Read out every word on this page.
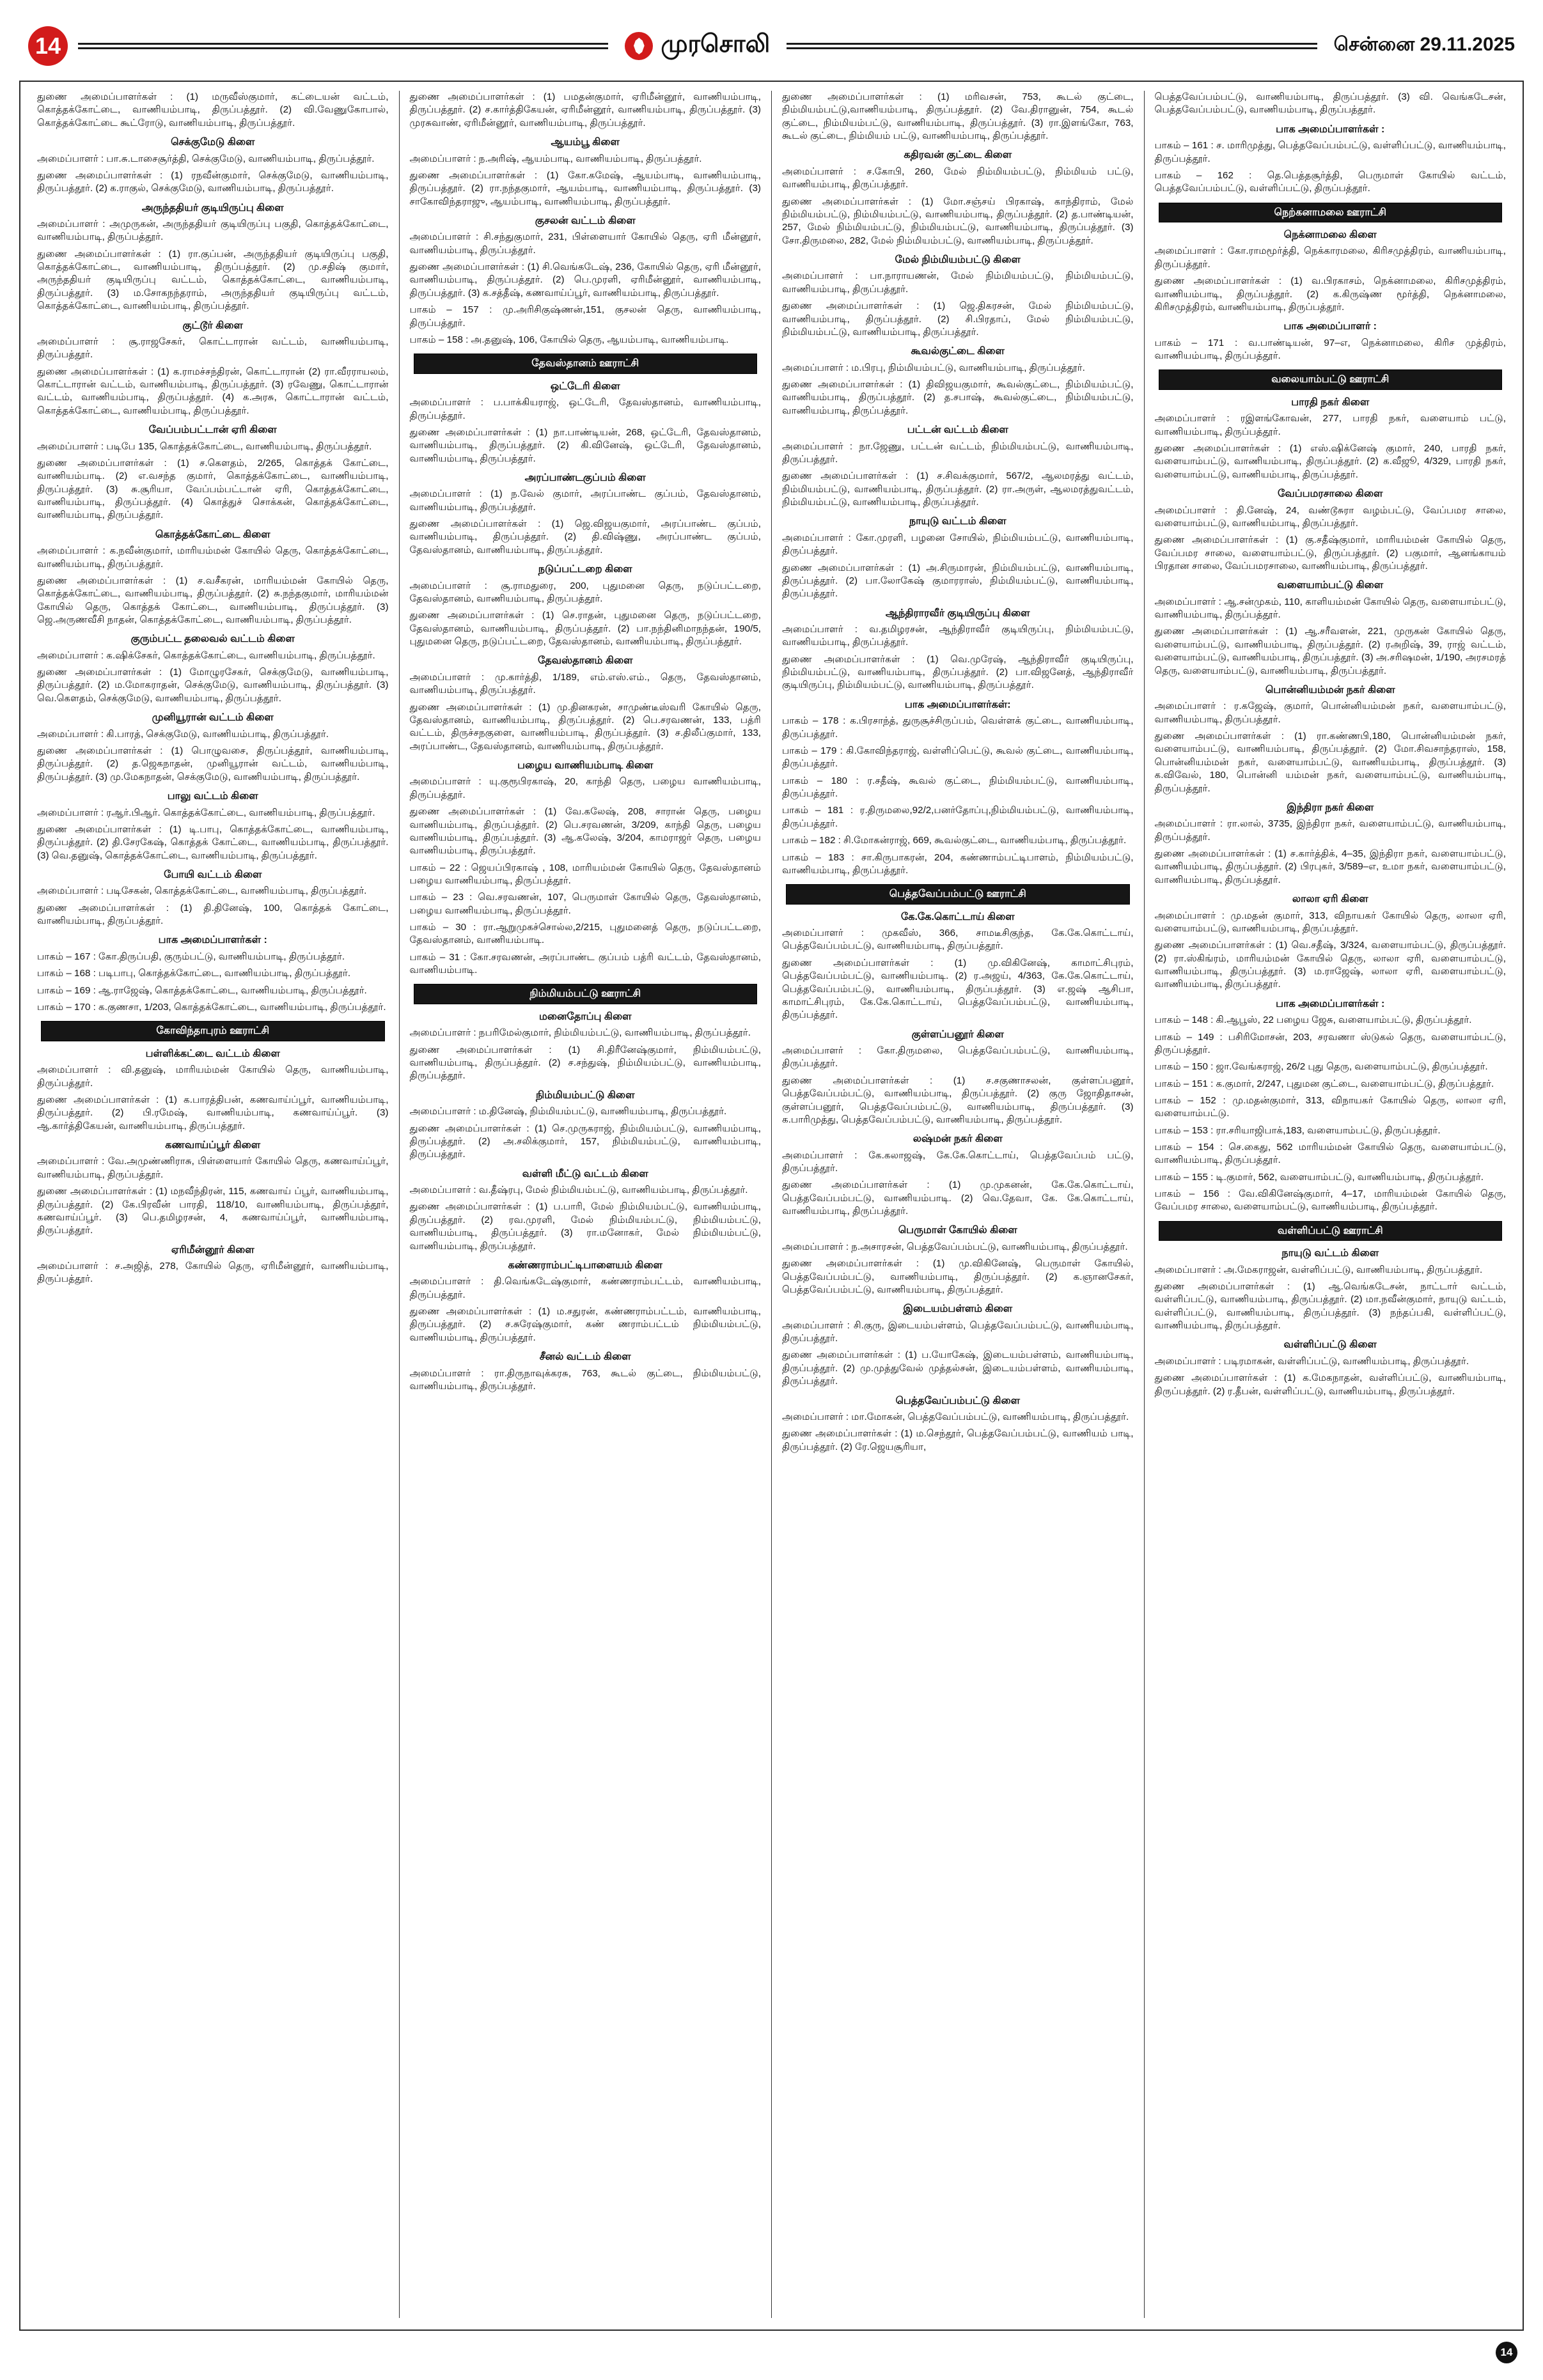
14	முரசொலி	சென்னை 29.11.2025
துணை அமைப்பாளர்கள் : (1) மருவீஸ்குமார், கட்டையன் வட்டம், கொத்தக்கோட்டை, வாணியம்பாடி, திருப்பத்தூர். (2) வி.வேணுகோபால், கொத்தக்கோட்டை கூட்ரோடு, வாணியம்பாடி, திருப்பத்தூர்.
செக்குமேடு கிளை
அமைப்பாளர் : பா.சு.டாசைசூர்த்தி, செக்குமேடு, வாணியம்பாடி, திருப்பத்தூர்.
துணை அமைப்பாளர்கள் : (1) ரநவீன்குமார், செக்குமேடு, வாணியம்பாடி, திருப்பத்தூர். (2) க.ராகுல், செக்குமேடு, வாணியம்பாடி, திருப்பத்தூர்.
அருந்ததியர் குடியிருப்பு கிளை
அமைப்பாளர் : அமுருகன், அருந்ததியர் குடியிருப்பு பகுதி, கொத்தக்கோட்டை, வாணியம்பாடி, திருப்பத்தூர்.
துணை அமைப்பாளர்கள் : (1) ரா.குப்பன், அருந்ததியர் குடியிருப்பு பகுதி, கொத்தக்கோட்டை, வாணியம்பாடி, திருப்பத்தூர். (2) மு.சதிஷ் குமார், அருந்ததியர் குடியிருப்பு வட்டம், கொத்தக்கோட்டை, வாணியம்பாடி, திருப்பத்தூர். (3) ம.சோகநந்தராம், அருந்ததியர் குடியிருப்பு வட்டம், கொத்தக்கோட்டை, வாணியம்பாடி, திருப்பத்தூர்.
குட்டூர் கிளை
அமைப்பாளர் : சூ.ராஜசேகர், கொட்டாரான் வட்டம், வாணியம்பாடி, திருப்பத்தூர்.
துணை அமைப்பாளர்கள் : (1) க.ராமச்சந்திரன், கொட்டாரான் (2) ரா.வீரராயலம், கொட்டாரான் வட்டம், வாணியம்பாடி, திருப்பத்தூர். (3) ரவேணு, கொட்டாரான் வட்டம், வாணியம்பாடி, திருப்பத்தூர். (4) க.அரசு, கொட்டாரான் வட்டம், கொத்தக்கோட்டை, வாணியம்பாடி, திருப்பத்தூர்.
வேப்பம்பட்டான் ஏரி கிளை
அமைப்பாளர் : படிபே 135, கொத்தக்கோட்டை, வாணியம்பாடி, திருப்பத்தூர்.
துணை அமைப்பாளர்கள் : (1) ச.கௌதம், 2/265, கொத்தக் கோட்டை, வாணியம்பாடி. (2) எ.வசந்த குமார், கொத்தக்கோட்டை, வாணியம்பாடி, திருப்பத்தூர். (3) சு.சூரியா, வேப்பம்பட்டான் ஏரி, கொத்தக்கோட்டை, வாணியம்பாடி, திருப்பத்தூர். (4) கொத்துச் சொக்கன், கொத்தக்கோட்டை, வாணியம்பாடி, திருப்பத்தூர்.
கொத்தக்கோட்டை கிளை
அமைப்பாளர் : க.நவீன்குமார், மாரியம்மன் கோயில் தெரு, கொத்தக்கோட்டை, வாணியம்பாடி, திருப்பத்தூர்.
துணை அமைப்பாளர்கள் : (1) ச.வசீகரன், மாரியம்மன் கோயில் தெரு, கொத்தக்கோட்டை, வாணியம்பாடி, திருப்பத்தூர். (2) சு.நந்தகுமார், மாரியம்மன் கோயில் தெரு, கொத்தக் கோட்டை, வாணியம்பாடி, திருப்பத்தூர். (3) ஜெ.அருணவீசி நாதன், கொத்தக்கோட்டை, வாணியம்பாடி, திருப்பத்தூர்.
குரும்பட்ட தலைவல் வட்டம் கிளை
அமைப்பாளர் : க.ஷிக்சேகர், கொத்தக்கோட்டை, வாணியம்பாடி, திருப்பத்தூர்.
துணை அமைப்பாளர்கள் : (1) மோழுரசேகர், செக்குமேடு, வாணியம்பாடி, திருப்பத்தூர். (2) ம.மோகராதன், செக்குமேடு, வாணியம்பாடி, திருப்பத்தூர். (3) வெ.கௌதம், செக்குமேடு, வாணியம்பாடி, திருப்பத்தூர்.
முனியூரான் வட்டம் கிளை
அமைப்பாளர் : கி.பாரத், செக்குமேடு, வாணியம்பாடி, திருப்பத்தூர்.
துணை அமைப்பாளர்கள் : (1) பொழுவசை, திருப்பத்தூர், வாணியம்பாடி, திருப்பத்தூர். (2) த.ஜெகநாதன், முனியூரான் வட்டம், வாணியம்பாடி, திருப்பத்தூர். (3) மு.மேகநாதன், செக்குமேடு, வாணியம்பாடி, திருப்பத்தூர்.
பாலு வட்டம் கிளை
அமைப்பாளர் : ரஆர்.பிஆர். கொத்தக்கோட்டை, வாணியம்பாடி, திருப்பத்தூர்.
துணை அமைப்பாளர்கள் : (1) டி.பாபு, கொத்தக்கோட்டை, வாணியம்பாடி, திருப்பத்தூர். (2) தி.சேரகேஷ், கொத்தக் கோட்டை, வாணியம்பாடி, திருப்பத்தூர். (3) வெ.தனுஷ், கொத்தக்கோட்டை, வாணியம்பாடி, திருப்பத்தூர்.
போயி வட்டம் கிளை
அமைப்பாளர் : படிசேகன், கொத்தக்கோட்டை, வாணியம்பாடி, திருப்பத்தூர்.
துணை அமைப்பாளர்கள் : (1) தி.தினேஷ், 100, கொத்தக் கோட்டை, வாணியம்பாடி, திருப்பத்தூர்.
பாக அமைப்பாளர்கள் :
பாகம் – 167 : கோ.திருப்பதி, குரும்பட்டு, வாணியம்பாடி, திருப்பத்தூர்.
பாகம் – 168 : படிபாபு, கொத்தக்கோட்டை, வாணியம்பாடி, திருப்பத்தூர்.
பாகம் – 169 : ஆ.ராஜேஷ், கொத்தக்கோட்டை, வாணியம்பாடி, திருப்பத்தூர்.
பாகம் – 170 : க.குணசா, 1/203, கொத்தக்கோட்டை, வாணியம்பாடி, திருப்பத்தூர்.
கோவிந்தாபுரம் ஊராட்சி
பள்ளிக்கட்டை வட்டம் கிளை
அமைப்பாளர் : வி.தனுஷ், மாரியம்மன் கோயில் தெரு, வாணியம்பாடி, திருப்பத்தூர்.
துணை அமைப்பாளர்கள் : (1) க.பாரத்திபன், கணவாய்ப்பூர், வாணியம்பாடி, திருப்பத்தூர். (2) பி.ரமேஷ், வாணியம்பாடி, கணவாய்ப்பூர். (3) ஆ.கார்த்திகேயன், வாணியம்பாடி, திருப்பத்தூர்.
கணவாய்ப்பூர் கிளை
அமைப்பாளர் : வே.அமுண்ணிராசு, பிள்ளையார் கோயில் தெரு, கணவாய்ப்பூர், வாணியம்பாடி, திருப்பத்தூர்.
துணை அமைப்பாளர்கள் : (1) மநவீந்திரன், 115, கணவாய் ப்பூர், வாணியம்பாடி, திருப்பத்தூர். (2) கே.பிரவீன் பாரதி, 118/10, வாணியம்பாடி, திருப்பத்தூர், கணவாய்ப்பூர். (3) பெ.தமிழரசன், 4, கணவாய்ப்பூர், வாணியம்பாடி, திருப்பத்தூர்.
ஏரிமீன்னூர் கிளை
அமைப்பாளர் : ச.அஜித், 278, கோயில் தெரு, ஏரிமீன்னூர், வாணியம்பாடி, திருப்பத்தூர்.
துணை அமைப்பாளர்கள் : (1) பமதன்குமார், ஏரிமீன்னூர், வாணியம்பாடி, திருப்பத்தூர். (2) ச.கார்த்திகேயன், ஏரிமீன்னூர், வாணியம்பாடி, திருப்பத்தூர். (3) முரசுவாண், ஏரிமீன்னூர், வாணியம்பாடி, திருப்பத்தூர்.
ஆயம்பூ கிளை
அமைப்பாளர் : ந.அரிஷ், ஆயம்பாடி, வாணியம்பாடி, திருப்பத்தூர்.
துணை அமைப்பாளர்கள் : (1) கோ.கமேஷ், ஆயம்பாடி, வாணியம்பாடி, திருப்பத்தூர். (2) ரா.நந்தகுமார், ஆயம்பாடி, வாணியம்பாடி, திருப்பத்தூர். (3) சாகோவிந்தராஜு, ஆயம்பாடி, வாணியம்பாடி, திருப்பத்தூர்.
குசலன் வட்டம் கிளை
அமைப்பாளர் : சி.சந்துகுமார், 231, பிள்ளையார் கோயில் தெரு, ஏரி மீன்னூர், வாணியம்பாடி, திருப்பத்தூர்.
துணை அமைப்பாளர்கள் : (1) சி.வெங்கடேஷ், 236, கோயில் தெரு, ஏரி மீன்னூர், வாணியம்பாடி, திருப்பத்தூர். (2) பெ.முரளி, ஏரிமீன்னூர், வாணியம்பாடி, திருப்பத்தூர். (3) க.சத்தீஷ், கணவாய்ப்பூர், வாணியம்பாடி, திருப்பத்தூர்.
பாகம் – 157 : மு.அரிசிகுஷ்ணன்,151, குசலன் தெரு, வாணியம்பாடி, திருப்பத்தூர்.
பாகம் – 158 : அ.தனுஷ், 106, கோயில் தெரு, ஆயம்பாடி, வாணியம்பாடி.
தேவஸ்தானம் ஊராட்சி
ஒட்டேரி கிளை
அமைப்பாளர் : ப.பாக்கியராஜ், ஒட்டேரி, தேவஸ்தானம், வாணியம்பாடி, திருப்பத்தூர்.
துணை அமைப்பாளர்கள் : (1) நா.பாண்டியன், 268, ஒட்டேரி, தேவஸ்தானம், வாணியம்பாடி, திருப்பத்தூர். (2) கி.வினேஷ், ஒட்டேரி, தேவஸ்தானம், வாணியம்பாடி, திருப்பத்தூர்.
அரப்பாண்டகுப்பம் கிளை
அமைப்பாளர் : (1) ந.வேல் குமார், அரப்பாண்ட குப்பம், தேவஸ்தானம், வாணியம்பாடி, திருப்பத்தூர்.
துணை அமைப்பாளர்கள் : (1) ஜெ.விஜயகுமார், அரப்பாண்ட குப்பம், வாணியம்பாடி, திருப்பத்தூர். (2) தி.விஷ்ணு, அரப்பாண்ட குப்பம், தேவஸ்தானம், வாணியம்பாடி, திருப்பத்தூர்.
நடுப்பட்டறை கிளை
அமைப்பாளர் : சூ.ராமதுரை, 200, புதுமனை தெரு, நடுப்பட்டறை, தேவஸ்தானம், வாணியம்பாடி, திருப்பத்தூர்.
துணை அமைப்பாளர்கள் : (1) செ.ராதன், புதுமனை தெரு, நடுப்பட்டறை, தேவஸ்தானம், வாணியம்பாடி, திருப்பத்தூர். (2) பா.நந்தினிமாநந்தன், 190/5, புதுமனை தெரு, நடுப்பட்டறை, தேவஸ்தானம், வாணியம்பாடி, திருப்பத்தூர்.
தேவஸ்தானம் கிளை
அமைப்பாளர் : மு.கார்த்தி, 1/189, எம்.எஸ்.எம்., தெரு, தேவஸ்தானம், வாணியம்பாடி, திருப்பத்தூர்.
துணை அமைப்பாளர்கள் : (1) மு.தினகரன், சாமுண்டீஸ்வரி கோயில் தெரு, தேவஸ்தானம், வாணியம்பாடி, திருப்பத்தூர். (2) பெ.சரவணன், 133, பத்ரி வட்டம், திருச்சநகுளை, வாணியம்பாடி, திருப்பத்தூர். (3) ச.திலீப்குமார், 133, அரப்பாண்ட, தேவஸ்தானம், வாணியம்பாடி, திருப்பத்தூர்.
பழைய வாணியம்பாடி கிளை
அமைப்பாளர் : யு.குரூபிரகாஷ், 20, காந்தி தெரு, பழைய வாணியம்பாடி, திருப்பத்தூர்.
துணை அமைப்பாளர்கள் : (1) வே.கலேஷ், 208, சாரான் தெரு, பழைய வாணியம்பாடி, திருப்பத்தூர். (2) பெ.சரவணன், 3/209, காந்தி தெரு, பழைய வாணியம்பாடி, திருப்பத்தூர். (3) ஆ.கலேஷ், 3/204, காமராஜர் தெரு, பழைய வாணியம்பாடி, திருப்பத்தூர்.
பாகம் – 22 : ஜெயப்பிரகாஷ் , 108, மாரியம்மன் கோயில் தெரு, தேவஸ்தானம் பழைய வாணியம்பாடி, திருப்பத்தூர்.
பாகம் – 23 : வெ.சரவணன், 107, பெருமாள் கோயில் தெரு, தேவஸ்தானம், பழைய வாணியம்பாடி, திருப்பத்தூர்.
பாகம் – 30 : ரா.ஆறுமுகச்சொல்ல,2/215, புதுமனைத் தெரு, நடுப்பட்டறை, தேவஸ்தானம், வாணியம்பாடி.
பாகம் – 31 : கோ.சரவணன், அரப்பாண்ட குப்பம் பத்ரி வட்டம், தேவஸ்தானம், வாணியம்பாடி.
நிம்மியம்பட்டு ஊராட்சி
மனைதோப்பு கிளை
அமைப்பாளர் : நபரிமேல்குமார், நிம்மியம்பட்டு, வாணியம்பாடி, திருப்பத்தூர்.
துணை அமைப்பாளர்கள் : (1) சி.திரீனேஷ்குமார், நிம்மியம்பட்டு, வாணியம்பாடி, திருப்பத்தூர். (2) ச.சந்துஷ், நிம்மியம்பட்டு, வாணியம்பாடி, திருப்பத்தூர்.
நிம்மியம்பட்டு கிளை
அமைப்பாளர் : ம.தினேஷ், நிம்மியம்பட்டு, வாணியம்பாடி, திருப்பத்தூர்.
துணை அமைப்பாளர்கள் : (1) செ.முருகராஜ், நிம்மியம்பட்டு, வாணியம்பாடி, திருப்பத்தூர். (2) அ.சலிக்குமார், 157, நிம்மியம்பட்டு, வாணியம்பாடி, திருப்பத்தூர்.
வள்ளி மீட்டு வட்டம் கிளை
அமைப்பாளர் : வ.தீஷ்ரபு, மேல் நிம்மியம்பட்டு, வாணியம்பாடி, திருப்பத்தூர்.
துணை அமைப்பாளர்கள் : (1) ப.பாரி, மேல் நிம்மியம்பட்டு, வாணியம்பாடி, திருப்பத்தூர். (2) ரவ.முரளி, மேல் நிம்மியம்பட்டு, நிம்மியம்பட்டு, வாணியம்பாடி, திருப்பத்தூர். (3) ரா.மனோகர், மேல் நிம்மியம்பட்டு, வாணியம்பாடி, திருப்பத்தூர்.
கண்ணராம்பட்டிபாளையம் கிளை
அமைப்பாளர் : தி.வெங்கடேஷ்குமார், கண்ணராம்பட்டம், வாணியம்பாடி, திருப்பத்தூர்.
துணை அமைப்பாளர்கள் : (1) ம.சதுரன், கண்ணராம்பட்டம், வாணியம்பாடி, திருப்பத்தூர். (2) ச.சுரேஷ்குமார், கண் ணராம்பட்டம் நிம்மியம்பட்டு, வாணியம்பாடி, திருப்பத்தூர்.
சீனல் வட்டம் கிளை
அமைப்பாளர் : ரா.திருநாவுக்கரசு, 763, கூடல் குட்டை, நிம்மியம்பட்டு, வாணியம்பாடி, திருப்பத்தூர்.
துணை அமைப்பாளர்கள் : (1) மரிவசன், 753, கூடல் குட்டை, நிம்மியம்பட்டு,வாணியம்பாடி, திருப்பத்தூர். (2) வே.திரானுன், 754, கூடல் குட்டை, நிம்மியம்பட்டு, வாணியம்பாடி, திருப்பத்தூர். (3) ரா.இளங்கோ, 763, கூடல் குட்டை, நிம்மியம் பட்டு, வாணியம்பாடி, திருப்பத்தூர்.
கதிரவன் குட்டை கிளை
அமைப்பாளர் : ச.கோபி, 260, மேல் நிம்மியம்பட்டு, நிம்மியம் பட்டு, வாணியம்பாடி, திருப்பத்தூர்.
துணை அமைப்பாளர்கள் : (1) மோ.சஞ்சய் பிரகாஷ், காந்திராம், மேல் நிம்மியம்பட்டு, நிம்மியம்பட்டு, வாணியம்பாடி, திருப்பத்தூர். (2) த.பாண்டியன், 257, மேல் நிம்மியம்பட்டு, நிம்மியம்பட்டு, வாணியம்பாடி, திருப்பத்தூர். (3) சோ.திருமலை, 282, மேல் நிம்மியம்பட்டு, வாணியம்பாடி, திருப்பத்தூர்.
மேல் நிம்மியம்பட்டு கிளை
அமைப்பாளர் : பா.நாராயணன், மேல் நிம்மியம்பட்டு, நிம்மியம்பட்டு, வாணியம்பாடி, திருப்பத்தூர்.
துணை அமைப்பாளர்கள் : (1) ஜெ.திகரசன், மேல் நிம்மியம்பட்டு, வாணியம்பாடி, திருப்பத்தூர். (2) சி.பிரதாப், மேல் நிம்மியம்பட்டு, நிம்மியம்பட்டு, வாணியம்பாடி, திருப்பத்தூர்.
கூவல்குட்டை கிளை
அமைப்பாளர் : ம.பிரபு, நிம்மியம்பட்டு, வாணியம்பாடி, திருப்பத்தூர்.
துணை அமைப்பாளர்கள் : (1) திவிஜயகுமார், கூவல்குட்டை, நிம்மியம்பட்டு, வாணியம்பாடி, திருப்பத்தூர். (2) த.சபாஷ், கூவல்குட்டை, நிம்மியம்பட்டு, வாணியம்பாடி, திருப்பத்தூர்.
பட்டன் வட்டம் கிளை
அமைப்பாளர் : நா.ஜேணு, பட்டன் வட்டம், நிம்மியம்பட்டு, வாணியம்பாடி, திருப்பத்தூர்.
துணை அமைப்பாளர்கள் : (1) ச.சிவக்குமார், 567/2, ஆலமரத்து வட்டம், நிம்மியம்பட்டு, வாணியம்பாடி, திருப்பத்தூர். (2) ரா.அருள், ஆலமரத்துவட்டம், நிம்மியம்பட்டு, வாணியம்பாடி, திருப்பத்தூர்.
நாயுடு வட்டம் கிளை
அமைப்பாளர் : கோ.முரளி, பழனை சோயில், நிம்மியம்பட்டு, வாணியம்பாடி, திருப்பத்தூர்.
துணை அமைப்பாளர்கள் : (1) அ.சிருமாரன், நிம்மியம்பட்டு, வாணியம்பாடி, திருப்பத்தூர். (2) பா.லோகேஷ் குமாரராஸ், நிம்மியம்பட்டு, வாணியம்பாடி, திருப்பத்தூர்.
ஆந்திராரவீர் குடியிருப்பு கிளை
அமைப்பாளர் : வ.தமிழரசன், ஆந்திராவீர் குடியிருப்பு, நிம்மியம்பட்டு, வாணியம்பாடி, திருப்பத்தூர்.
துணை அமைப்பாளர்கள் : (1) வெ.முரேஷ், ஆந்திராவீர் குடியிருப்பு, நிம்மியம்பட்டு, வாணியம்பாடி, திருப்பத்தூர். (2) பா.விஜனேத், ஆந்திராவீர் குடியிருப்பு, நிம்மியம்பட்டு, வாணியம்பாடி, திருப்பத்தூர்.
பாக அமைப்பாளர்கள்:
பாகம் – 178 : க.பிரசாந்த், துருசூச்சிருப்பம், வெள்ளக் குட்டை, வாணியம்பாடி, திருப்பத்தூர்.
பாகம் – 179 : கி.கோவிந்தராஜ், வள்ளிப்பெட்டு, கூவல் குட்டை, வாணியம்பாடி, திருப்பத்தூர்.
பாகம் – 180 : ர.சதீஷ், கூவல் குட்டை, நிம்மியம்பட்டு, வாணியம்பாடி, திருப்பத்தூர்.
பாகம் – 181 : ர.திருமலை,92/2,பனர்தோப்பு,நிம்மியம்பட்டு, வாணியம்பாடி, திருப்பத்தூர்.
பாகம் – 182 : சி.மோகன்ராஜ், 669, கூவல்குட்டை, வாணியம்பாடி, திருப்பத்தூர்.
பாகம் – 183 : சா.கிருபாகரன், 204, கண்ணாம்பட்டிபாளம், நிம்மியம்பட்டு, வாணியம்பாடி, திருப்பத்தூர்.
பெத்தவேப்பம்பட்டு ஊராட்சி
கே.கே.கொட்டாய் கிளை
அமைப்பாளர் : முகவீஸ், 366, சாமடீசிகுந்த, கே.கே.கொட்டாய், பெத்தவேப்பம்பட்டு, வாணியம்பாடி, திருப்பத்தூர்.
துணை அமைப்பாளர்கள் : (1) மு.விகினேஷ், காமாட்சிபுரம், பெத்தவேப்பம்பட்டு, வாணியம்பாடி. (2) ர.அஜய், 4/363, கே.கே.கொட்டாய், பெத்தவேப்பம்பட்டு, வாணியம்பாடி, திருப்பத்தூர். (3) எ.ஜஷ் ஆசிபா, காமாட்சிபுரம், கே.கே.கொட்டாய், பெத்தவேப்பம்பட்டு, வாணியம்பாடி, திருப்பத்தூர்.
குள்ளப்பனூர் கிளை
அமைப்பாளர் : கோ.திருமலை, பெத்தவேப்பம்பட்டு, வாணியம்பாடி, திருப்பத்தூர்.
துணை அமைப்பாளர்கள் : (1) ச.சகுணாசலன், குள்ளப்பனூர், பெத்தவேப்பம்பட்டு, வாணியம்பாடி, திருப்பத்தூர். (2) குரு ஜோதிதாசன், குள்ளப்பனூர், பெத்தவேப்பம்பட்டு, வாணியம்பாடி, திருப்பத்தூர். (3) க.பாரிமுத்து, பெத்தவேப்பம்பட்டு, வாணியம்பாடி, திருப்பத்தூர்.
லஷ்மன் நகர் கிளை
அமைப்பாளர் : கே.கலாஜஷ், கே.கே.கொட்டாய், பெத்தவேப்பம் பட்டு, திருப்பத்தூர்.
துணை அமைப்பாளர்கள் : (1) மு.முகனன், கே.கே.கொட்டாய், பெத்தவேப்பம்பட்டு, வாணியம்பாடி. (2) வெ.தேவா, கே. கே.கொட்டாய், வாணியம்பாடி, திருப்பத்தூர்.
பெருமாள் கோயில் கிளை
அமைப்பாளர் : ந.அசாரசன், பெத்தவேப்பம்பட்டு, வாணியம்பாடி, திருப்பத்தூர்.
துணை அமைப்பாளர்கள் : (1) மு.விகினேஷ், பெருமாள் கோயில், பெத்தவேப்பம்பட்டு, வாணியம்பாடி, திருப்பத்தூர். (2) க.ஞானசேகர், பெத்தவேப்பம்பட்டு, வாணியம்பாடி, திருப்பத்தூர்.
இடையம்பள்ளம் கிளை
அமைப்பாளர் : சி.குரு, இடையம்பள்ளம், பெத்தவேப்பம்பட்டு, வாணியம்பாடி, திருப்பத்தூர்.
துணை அமைப்பாளர்கள் : (1) ப.யோகேஷ், இடையம்பள்ளம், வாணியம்பாடி, திருப்பத்தூர். (2) மு.முத்துவேல் முத்தல்சன், இடையம்பள்ளம், வாணியம்பாடி, திருப்பத்தூர்.
பெத்தவேப்பம்பட்டு கிளை
அமைப்பாளர் : மா.மோகன், பெத்தவேப்பம்பட்டு, வாணியம்பாடி, திருப்பத்தூர்.
துணை அமைப்பாளர்கள் : (1) ம.செந்தூர், பெத்தவேப்பம்பட்டு, வாணியம் பாடி, திருப்பத்தூர். (2) ரே.ஜெயசூரியா,
பெத்தவேப்பம்பட்டு, வாணியம்பாடி, திருப்பத்தூர். (3) வி. வெங்கடேசன், பெத்தவேப்பம்பட்டு, வாணியம்பாடி, திருப்பத்தூர்.
பாக அமைப்பாளர்கள் :
பாகம் – 161 : ச. மாரிமுத்து, பெத்தவேப்பம்பட்டு, வள்ளிப்பட்டு, வாணியம்பாடி, திருப்பத்தூர்.
பாகம் – 162 : தெ.பெத்தசூர்த்தி, பெருமாள் கோயில் வட்டம், பெத்தவேப்பம்பட்டு, வள்ளிப்பட்டு, திருப்பத்தூர்.
நெற்கனாமலை ஊராட்சி
நெக்னாமலை கிளை
அமைப்பாளர் : கோ.ராமமூர்த்தி, நெக்காரமலை, கிரிசமுத்திரம், வாணியம்பாடி, திருப்பத்தூர்.
துணை அமைப்பாளர்கள் : (1) வ.பிரகாசம், நெக்னாமலை, கிரிசமுத்திரம், வாணியம்பாடி, திருப்பத்தூர். (2) க.கிருஷ்ண மூர்த்தி, நெக்னாமலை, கிரிசமுத்திரம், வாணியம்பாடி, திருப்பத்தூர்.
பாக அமைப்பாளர் :
பாகம் – 171 : வ.பாண்டியன், 97–எ, நெக்னாமலை, கிரிச முத்திரம், வாணியம்பாடி, திருப்பத்தூர்.
வலையாம்பட்டு ஊராட்சி
பாரதி நகர் கிளை
அமைப்பாளர் : ரஇளங்கோவன், 277, பாரதி நகர், வளையாம் பட்டு, வாணியம்பாடி, திருப்பத்தூர்.
துணை அமைப்பாளர்கள் : (1) எஸ்.ஷிக்னேஷ் குமார், 240, பாரதி நகர், வளையாம்பட்டு, வாணியம்பாடி, திருப்பத்தூர். (2) க.வீஜூ, 4/329, பாரதி நகர், வளையாம்பட்டு, வாணியம்பாடி, திருப்பத்தூர்.
வேப்பமரசாலை கிளை
அமைப்பாளர் : தி.னேஷ், 24, வண்டூசுரா வழம்பட்டு, வேப்பமர சாலை, வளையாம்பட்டு, வாணியம்பாடி, திருப்பத்தூர்.
துணை அமைப்பாளர்கள் : (1) கு.சதீஷ்குமார், மாரியம்மன் கோயில் தெரு, வேப்பமர சாலை, வளையாம்பட்டு, திருப்பத்தூர். (2) பகுமார், ஆனங்காயம் பிரதான சாலை, வேப்பமரசாலை, வாணியம்பாடி, திருப்பத்தூர்.
வளையாம்பட்டு கிளை
அமைப்பாளர் : ஆ.சன்முகம், 110, காளியம்மன் கோயில் தெரு, வளையாம்பட்டு, வாணியம்பாடி, திருப்பத்தூர்.
துணை அமைப்பாளர்கள் : (1) ஆ.சரீவளன், 221, முருகன் கோயில் தெரு, வளையாம்பட்டு, வாணியம்பாடி, திருப்பத்தூர். (2) ரஅறிஷ், 39, ராஜ் வட்டம், வளையாம்பட்டு, வாணியம்பாடி, திருப்பத்தூர். (3) அ.சரிஷமன், 1/190, அரசமரத் தெரு, வளையாம்பட்டு, வாணியம்பாடி, திருப்பத்தூர்.
பொன்னியம்மன் நகர் கிளை
அமைப்பாளர் : ர.கஜேஷ், குமார், பொன்னியம்மன் நகர், வளையாம்பட்டு, வாணியம்பாடி, திருப்பத்தூர்.
துணை அமைப்பாளர்கள் : (1) ரா.கண்ணபி,180, பொன்னியம்மன் நகர், வளையாம்பட்டு, வாணியம்பாடி, திருப்பத்தூர். (2) மோ.சிவசாந்தராஸ், 158, பொன்னியம்மன் நகர், வளையாம்பட்டு, வாணியம்பாடி, திருப்பத்தூர். (3) க.விவேல், 180, பொன்னி யம்மன் நகர், வளையாம்பட்டு, வாணியம்பாடி, திருப்பத்தூர்.
இந்திரா நகர் கிளை
அமைப்பாளர் : ரா.லால், 3735, இந்திரா நகர், வளையாம்பட்டு, வாணியம்பாடி, திருப்பத்தூர்.
துணை அமைப்பாளர்கள் : (1) ச.கார்த்திக், 4–35, இந்திரா நகர், வளையாம்பட்டு, வாணியம்பாடி, திருப்பத்தூர். (2) பிரபுகர், 3/589–எ, உமா நகர், வளையாம்பட்டு, வாணியம்பாடி, திருப்பத்தூர்.
லாலா ஏரி கிளை
அமைப்பாளர் : மு.மதன் குமார், 313, விநாயகர் கோயில் தெரு, லாலா ஏரி, வளையாம்பட்டு, வாணியம்பாடி, திருப்பத்தூர்.
துணை அமைப்பாளர்கள் : (1) வெ.சதீஷ், 3/324, வளையாம்பட்டு, திருப்பத்தூர். (2) ரா.ஸ்கிங்ரம், மாரியம்மன் கோயில் தெரு, லாலா ஏரி, வளையாம்பட்டு, வாணியம்பாடி, திருப்பத்தூர். (3) ம.ராஜேஷ், லாலா ஏரி, வளையாம்பட்டு, வாணியம்பாடி, திருப்பத்தூர்.
பாக அமைப்பாளர்கள் :
பாகம் – 148 : கி.ஆபூஸ், 22 பழைய ஜேசு, வளையாம்பட்டு, திருப்பத்தூர்.
பாகம் – 149 : பசிரிமோசன், 203, சரவணா ஸ்டுகல் தெரு, வளையாம்பட்டு, திருப்பத்தூர்.
பாகம் – 150 : ஜா.வேங்கராஜ், 26/2 புது தெரு, வளையாம்பட்டு, திருப்பத்தூர்.
பாகம் – 151 : க.குமார், 2/247, புதுமன குட்டை, வளையாம்பட்டு, திருப்பத்தூர்.
பாகம் – 152 : மு.மதன்குமார், 313, விநாயகர் கோயில் தெரு, லாலா ஏரி, வளையாம்பட்டு.
பாகம் – 153 : ரா.சரியாஜிபாக்,183, வளையாம்பட்டு, திருப்பத்தூர்.
பாகம் – 154 : செ.கைது, 562 மாரியம்மன் கோயில் தெரு, வளையாம்பட்டு, வாணியம்பாடி, திருப்பத்தூர்.
பாகம் – 155 : டி.குமார், 562, வளையாம்பட்டு, வாணியம்பாடி, திருப்பத்தூர்.
பாகம் – 156 : வே.விகினேஷ்குமார், 4–17, மாரியம்மன் கோயில் தெரு, வேப்பமர சாலை, வளையாம்பட்டு, வாணியம்பாடி, திருப்பத்தூர்.
வள்ளிப்பட்டு ஊராட்சி
நாயுடு வட்டம் கிளை
அமைப்பாளர் : அ.மேகராஜன், வள்ளிப்பட்டு, வாணியம்பாடி, திருப்பத்தூர்.
துணை அமைப்பாளர்கள் : (1) ஆ.வெங்கடேசன், நாட்டார் வட்டம், வள்ளிப்பட்டு, வாணியம்பாடி, திருப்பத்தூர். (2) மா.நவீன்குமார், நாயுடு வட்டம், வள்ளிப்பட்டு, வாணியம்பாடி, திருப்பத்தூர். (3) நந்தப்பகி, வள்ளிப்பட்டு, வாணியம்பாடி, திருப்பத்தூர்.
வள்ளிப்பட்டு கிளை
அமைப்பாளர் : படிரமாகன், வள்ளிப்பட்டு, வாணியம்பாடி, திருப்பத்தூர்.
துணை அமைப்பாளர்கள் : (1) க.மேகநாதன், வள்ளிப்பட்டு, வாணியம்பாடி, திருப்பத்தூர். (2) ர.தீபன், வள்ளிப்பட்டு, வாணியம்பாடி, திருப்பத்தூர்.
14
